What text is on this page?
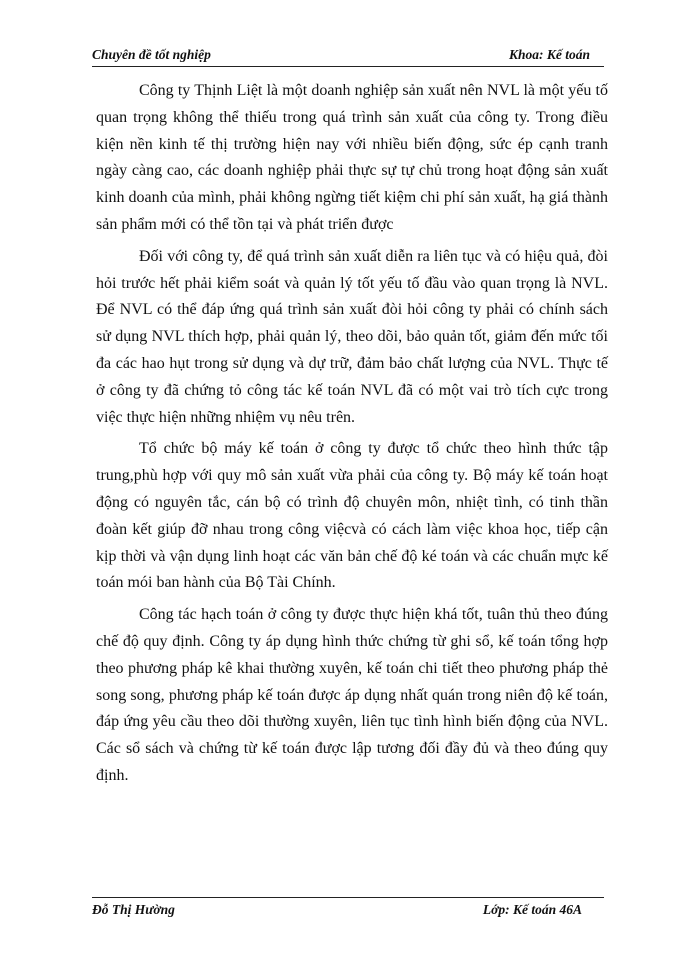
Chuyên đề tốt nghiệp	Khoa: Kế toán

Công ty Thịnh Liệt là một doanh nghiệp sản xuất nên NVL là một yếu tố quan trọng không thể thiếu trong quá trình sản xuất của công ty. Trong điều kiện nền kinh tế thị trường hiện nay với nhiều biến động, sức ép cạnh tranh ngày càng cao, các doanh nghiệp phải thực sự tự chủ trong hoạt động sản xuất kinh doanh của mình, phải không ngừng tiết kiệm chi phí sản xuất, hạ giá thành sản phẩm mới có thể tồn tại và phát triển được

Đối với công ty, để quá trình sản xuất diễn ra liên tục và có hiệu quả, đòi hỏi trước hết phải kiểm soát và quản lý tốt yếu tố đầu vào quan trọng là NVL. Để NVL có thể đáp ứng quá trình sản xuất đòi hỏi công ty phải có chính sách sử dụng NVL thích hợp, phải quản lý, theo dõi, bảo quản tốt, giảm đến mức tối đa các hao hụt trong sử dụng và dự trữ, đảm bảo chất lượng của NVL. Thực tế ở công ty đã chứng tỏ công tác kế toán NVL đã có một vai trò tích cực trong việc thực hiện những nhiệm vụ nêu trên.

Tổ chức bộ máy kế toán ở công ty được tổ chức theo hình thức tập trung,phù hợp với quy mô sản xuất vừa phải của công ty. Bộ máy kế toán hoạt động có nguyên tắc, cán bộ có trình độ chuyên môn, nhiệt tình, có tinh thần đoàn kết giúp đỡ nhau trong công việcvà có cách làm việc khoa học, tiếp cận kịp thời và vận dụng linh hoạt các văn bản chế độ ké toán và các chuẩn mực kế toán mói ban hành của Bộ Tài Chính.

Công tác hạch toán ở công ty được thực hiện khá tốt, tuân thủ theo đúng chế độ quy định. Công ty áp dụng hình thức chứng từ ghi sổ, kế toán tổng hợp theo phương pháp kê khai thường xuyên, kế toán chi tiết theo phương pháp thẻ song song, phương pháp kế toán được áp dụng nhất quán trong niên độ kế toán, đáp ứng yêu cầu theo dõi thường xuyên, liên tục tình hình biến động của NVL. Các sổ sách và chứng từ kế toán được lập tương đối đầy đủ và theo đúng quy định.

Đỗ Thị Hường	Lớp: Kế toán 46A
